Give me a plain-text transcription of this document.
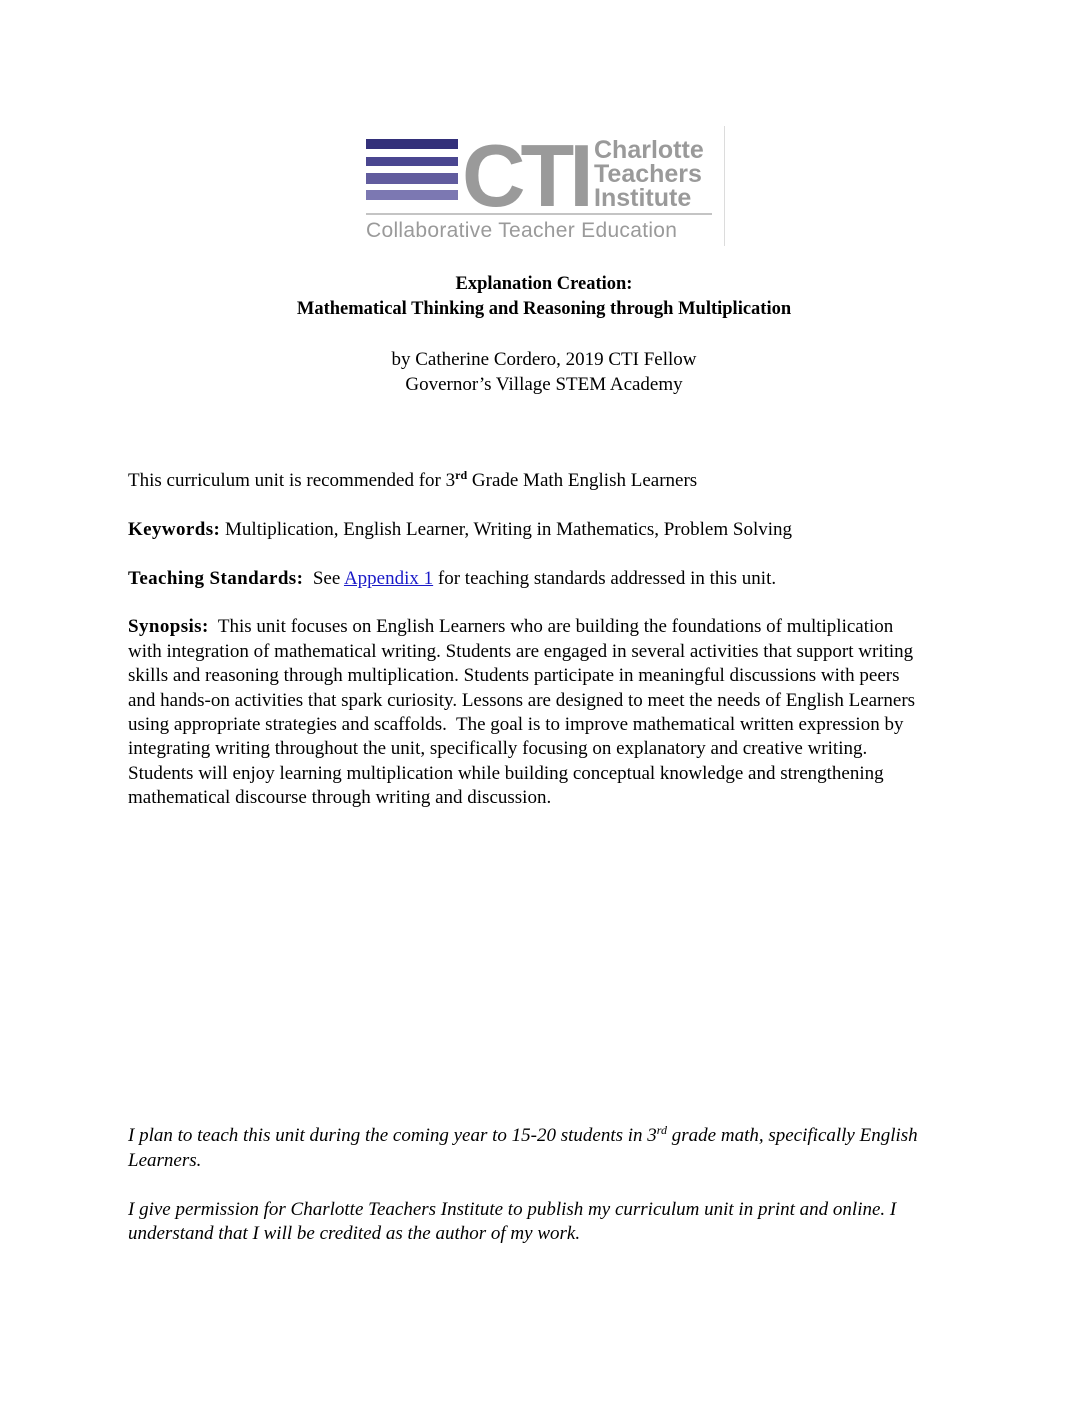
CTI Charlotte
Teachers
Institute
Collaborative Teacher Education
Explanation Creation:
Mathematical Thinking and Reasoning through Multiplication
by Catherine Cordero, 2019 CTI Fellow
Governor’s Village STEM Academy

This curriculum unit is recommended for 3rd Grade Math English Learners

Keywords: Multiplication, English Learner, Writing in Mathematics, Problem Solving

Teaching Standards:  See Appendix 1 for teaching standards addressed in this unit.

Synopsis:  This unit focuses on English Learners who are building the foundations of multiplication with integration of mathematical writing. Students are engaged in several activities that support writing skills and reasoning through multiplication. Students participate in meaningful discussions with peers and hands-on activities that spark curiosity. Lessons are designed to meet the needs of English Learners using appropriate strategies and scaffolds.  The goal is to improve mathematical written expression by integrating writing throughout the unit, specifically focusing on explanatory and creative writing. Students will enjoy learning multiplication while building conceptual knowledge and strengthening mathematical discourse through writing and discussion.

I plan to teach this unit during the coming year to 15-20 students in 3rd grade math, specifically English Learners.

I give permission for Charlotte Teachers Institute to publish my curriculum unit in print and online. I understand that I will be credited as the author of my work.
